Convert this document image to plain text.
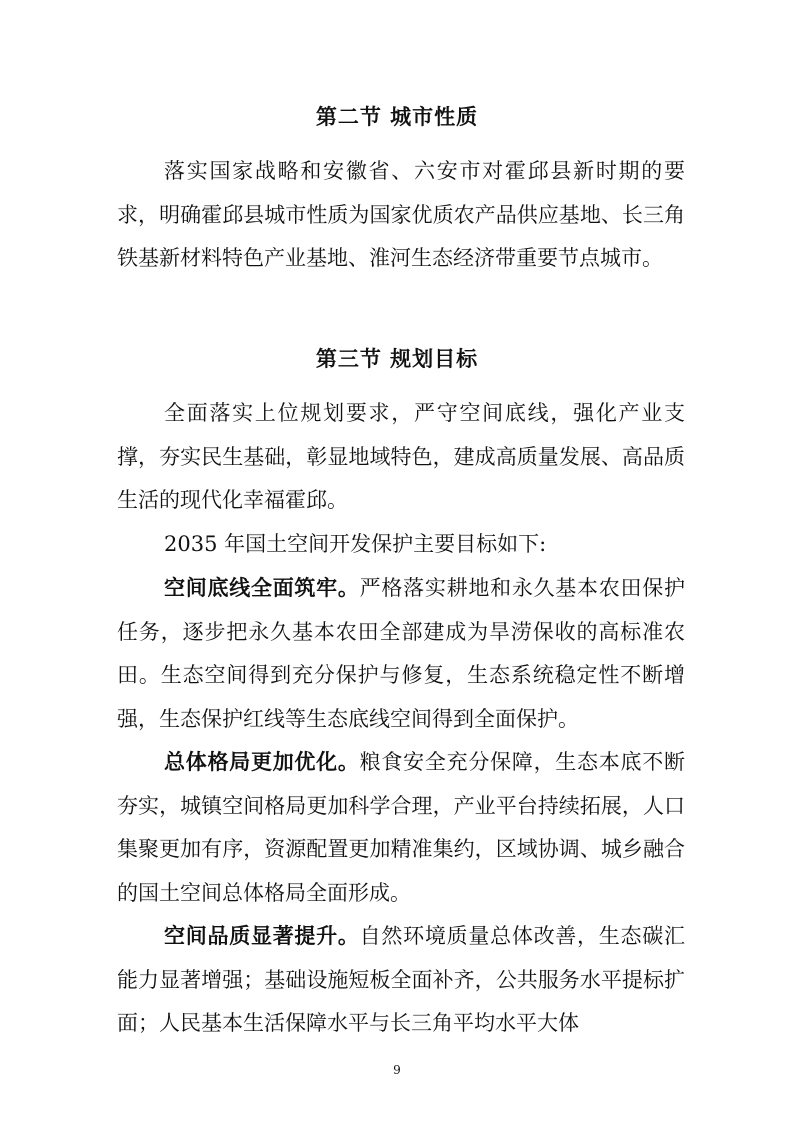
第二节 城市性质

落实国家战略和安徽省、六安市对霍邱县新时期的要求，明确霍邱县城市性质为国家优质农产品供应基地、长三角铁基新材料特色产业基地、淮河生态经济带重要节点城市。

第三节 规划目标

全面落实上位规划要求，严守空间底线，强化产业支撑，夯实民生基础，彰显地域特色，建成高质量发展、高品质生活的现代化幸福霍邱。

2035 年国土空间开发保护主要目标如下:

空间底线全面筑牢。严格落实耕地和永久基本农田保护任务，逐步把永久基本农田全部建成为旱涝保收的高标准农田。生态空间得到充分保护与修复，生态系统稳定性不断增强，生态保护红线等生态底线空间得到全面保护。

总体格局更加优化。粮食安全充分保障，生态本底不断夯实，城镇空间格局更加科学合理，产业平台持续拓展，人口集聚更加有序，资源配置更加精准集约，区域协调、城乡融合的国土空间总体格局全面形成。

空间品质显著提升。自然环境质量总体改善，生态碳汇能力显著增强；基础设施短板全面补齐，公共服务水平提标扩面；人民基本生活保障水平与长三角平均水平大体

9
